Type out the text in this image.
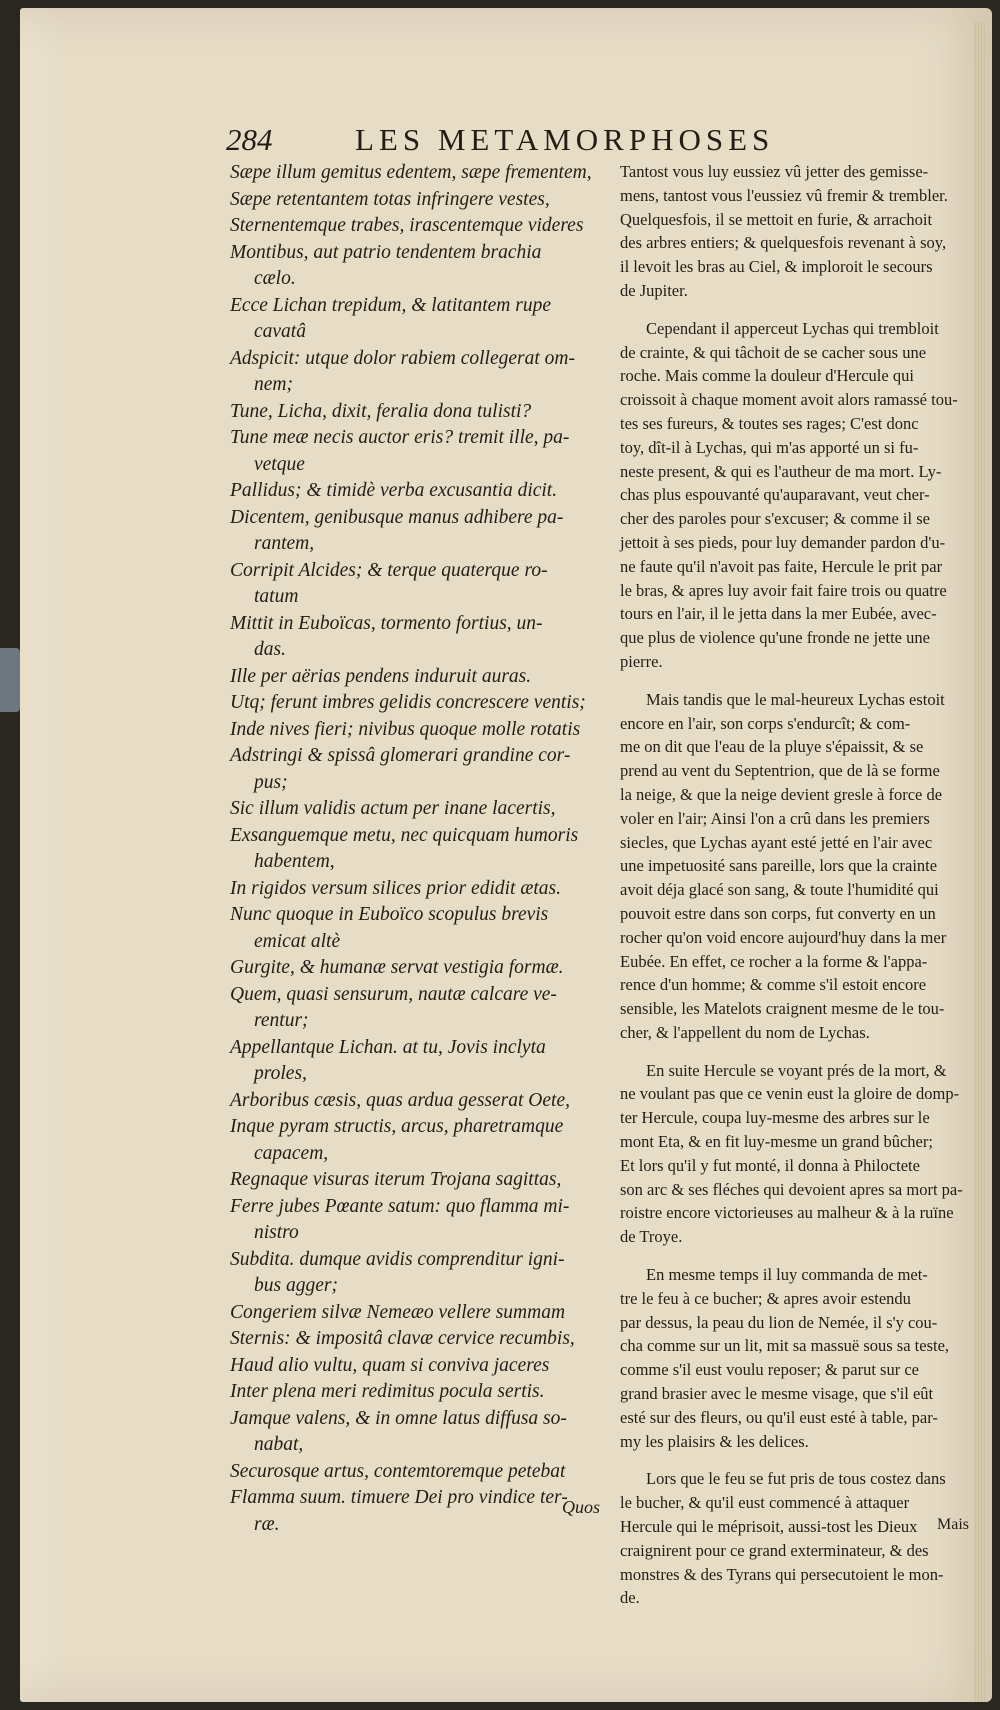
284	LES METAMORPHOSES
Sæpe illum gemitus edentem, sæpe frementem,
Sæpe retentantem totas infringere vestes,
Sternentemque trabes, irascentemque videres
Montibus, aut patrio tendentem brachia
cælo.
Ecce Lichan trepidum, & latitantem rupe
cavatâ
Adspicit: utque dolor rabiem collegerat om-
nem;
Tune, Licha, dixit, feralia dona tulisti?
Tune meæ necis auctor eris? tremit ille, pa-
vetque
Pallidus; & timidè verba excusantia dicit.
Dicentem, genibusque manus adhibere pa-
rantem,
Corripit Alcides; & terque quaterque ro-
tatum
Mittit in Euboïcas, tormento fortius, un-
das.
Ille per aërias pendens induruit auras.
Utq; ferunt imbres gelidis concrescere ventis;
Inde nives fieri; nivibus quoque molle rotatis
Adstringi & spissâ glomerari grandine cor-
pus;
Sic illum validis actum per inane lacertis,
Exsanguemque metu, nec quicquam humoris
habentem,
In rigidos versum silices prior edidit ætas.
Nunc quoque in Euboïco scopulus brevis
emicat altè
Gurgite, & humanæ servat vestigia formæ.
Quem, quasi sensurum, nautæ calcare ve-
rentur;
Appellantque Lichan. at tu, Jovis inclyta
proles,
Arboribus cæsis, quas ardua gesserat Oete,
Inque pyram structis, arcus, pharetramque
capacem,
Regnaque visuras iterum Trojana sagittas,
Ferre jubes Pœante satum: quo flamma mi-
nistro
Subdita. dumque avidis comprenditur igni-
bus agger;
Congeriem silvæ Nemeæo vellere summam
Sternis: & impositâ clavæ cervice recumbis,
Haud alio vultu, quam si convivа jaceres
Inter plena meri redimitus pocula sertis.
Jamque valens, & in omne latus diffusa so-
nabat,
Securosque artus, contemtoremque petebat
Flamma suum. timuere Dei pro vindice ter-
ræ.
Quos
Tantost vous luy eussiez vû jetter des gemisse-
mens, tantost vous l'eussiez vû fremir & trembler.
Quelquesfois, il se mettoit en furie, & arrachoit
des arbres entiers; & quelquesfois revenant à soy,
il levoit les bras au Ciel, & imploroit le secours
de Jupiter.
Cependant il apperceut Lychas qui trembloit
de crainte, & qui tâchoit de se cacher sous une
roche. Mais comme la douleur d'Hercule qui
croissoit à chaque moment avoit alors ramassé tou-
tes ses fureurs, & toutes ses rages; C'est donc
toy, dît-il à Lychas, qui m'as apporté un si fu-
neste present, & qui es l'autheur de ma mort. Ly-
chas plus espouvanté qu'auparavant, veut cher-
cher des paroles pour s'excuser; & comme il se
jettoit à ses pieds, pour luy demander pardon d'u-
ne faute qu'il n'avoit pas faite, Hercule le prit par
le bras, & apres luy avoir fait faire trois ou quatre
tours en l'air, il le jetta dans la mer Eubée, avec-
que plus de violence qu'une fronde ne jette une
pierre.
Mais tandis que le mal-heureux Lychas estoit
encore en l'air, son corps s'endurcît; & com-
me on dit que l'eau de la pluye s'épaissit, & se
prend au vent du Septentrion, que de là se forme
la neige, & que la neige devient gresle à force de
voler en l'air; Ainsi l'on a crû dans les premiers
siecles, que Lychas ayant esté jetté en l'air avec
une impetuosité sans pareille, lors que la crainte
avoit déja glacé son sang, & toute l'humidité qui
pouvoit estre dans son corps, fut converty en un
rocher qu'on void encore aujourd'huy dans la mer
Eubée. En effet, ce rocher a la forme & l'appa-
rence d'un homme; & comme s'il estoit encore
sensible, les Matelots craignent mesme de le tou-
cher, & l'appellent du nom de Lychas.
En suite Hercule se voyant prés de la mort, &
ne voulant pas que ce venin eust la gloire de domp-
ter Hercule, coupa luy-mesme des arbres sur le
mont Eta, & en fit luy-mesme un grand bûcher;
Et lors qu'il y fut monté, il donna à Philoctete
son arc & ses fléches qui devoient apres sa mort pa-
roistre encore victorieuses au malheur & à la ruïne
de Troye.
En mesme temps il luy commanda de met-
tre le feu à ce bucher; & apres avoir estendu
par dessus, la peau du lion de Nemée, il s'y cou-
cha comme sur un lit, mit sa massuë sous sa teste,
comme s'il eust voulu reposer; & parut sur ce
grand brasier avec le mesme visage, que s'il eût
esté sur des fleurs, ou qu'il eust esté à table, par-
my les plaisirs & les delices.
Lors que le feu se fut pris de tous costez dans
le bucher, & qu'il eust commencé à attaquer
Hercule qui le méprisoit, aussi-tost les Dieux
craignirent pour ce grand exterminateur, & des
monstres & des Tyrans qui persecutoient le mon-
de.
Mais
